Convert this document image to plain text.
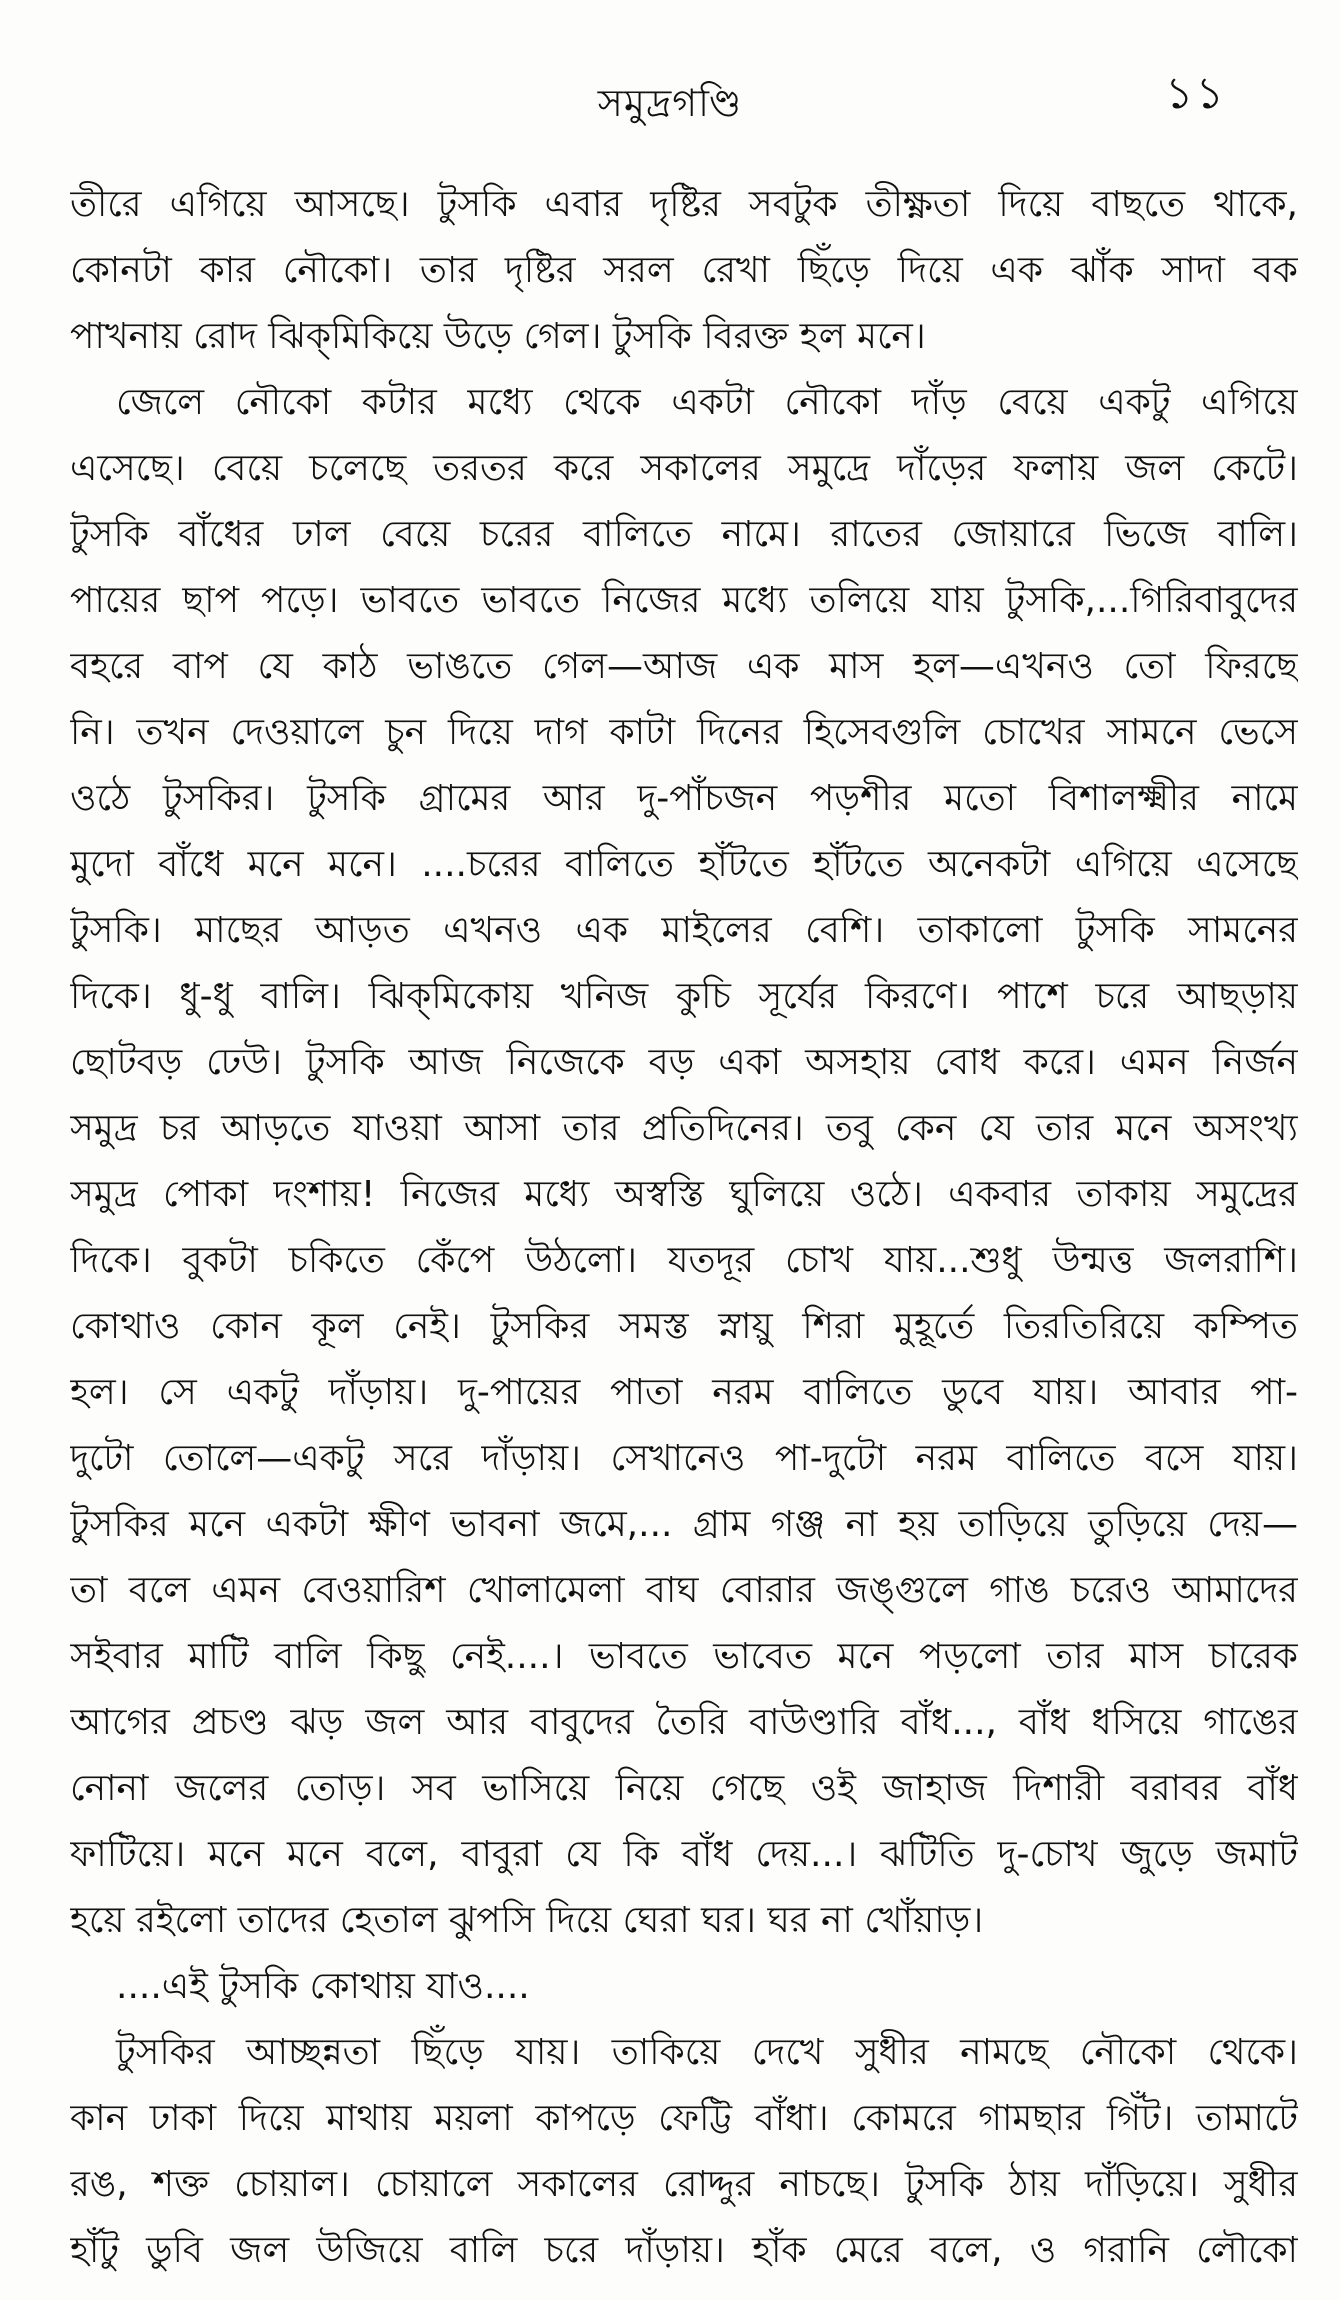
সমুদ্রগণ্ডি	১১
তীরে এগিয়ে আসছে। টুসকি এবার দৃষ্টির সবটুক তীক্ষ্ণতা দিয়ে বাছতে থাকে,
কোনটা কার নৌকো। তার দৃষ্টির সরল রেখা ছিঁড়ে দিয়ে এক ঝাঁক সাদা বক
পাখনায় রোদ ঝিক্‌মিকিয়ে উড়ে গেল। টুসকি বিরক্ত হল মনে।
জেলে নৌকো কটার মধ্যে থেকে একটা নৌকো দাঁড় বেয়ে একটু এগিয়ে
এসেছে। বেয়ে চলেছে তরতর করে সকালের সমুদ্রে দাঁড়ের ফলায় জল কেটে।
টুসকি বাঁধের ঢাল বেয়ে চরের বালিতে নামে। রাতের জোয়ারে ভিজে বালি।
পায়ের ছাপ পড়ে। ভাবতে ভাবতে নিজের মধ্যে তলিয়ে যায় টুসকি,...গিরিবাবুদের
বহরে বাপ যে কাঠ ভাঙতে গেল—আজ এক মাস হল—এখনও তো ফিরছে
নি। তখন দেওয়ালে চুন দিয়ে দাগ কাটা দিনের হিসেবগুলি চোখের সামনে ভেসে
ওঠে টুসকির। টুসকি গ্রামের আর দু-পাঁচজন পড়শীর মতো বিশালক্ষ্মীর নামে
মুদো বাঁধে মনে মনে। ....চরের বালিতে হাঁটতে হাঁটতে অনেকটা এগিয়ে এসেছে
টুসকি। মাছের আড়ত এখনও এক মাইলের বেশি। তাকালো টুসকি সামনের
দিকে। ধু-ধু বালি। ঝিক্‌মিকোয় খনিজ কুচি সূর্যের কিরণে। পাশে চরে আছড়ায়
ছোটবড় ঢেউ। টুসকি আজ নিজেকে বড় একা অসহায় বোধ করে। এমন নির্জন
সমুদ্র চর আড়তে যাওয়া আসা তার প্রতিদিনের। তবু কেন যে তার মনে অসংখ্য
সমুদ্র পোকা দংশায়! নিজের মধ্যে অস্বস্তি ঘুলিয়ে ওঠে। একবার তাকায় সমুদ্রের
দিকে। বুকটা চকিতে কেঁপে উঠলো। যতদূর চোখ যায়...শুধু উন্মত্ত জলরাশি।
কোথাও কোন কূল নেই। টুসকির সমস্ত স্নায়ু শিরা মুহূর্তে তিরতিরিয়ে কম্পিত
হল। সে একটু দাঁড়ায়। দু-পায়ের পাতা নরম বালিতে ডুবে যায়। আবার পা-
দুটো তোলে—একটু সরে দাঁড়ায়। সেখানেও পা-দুটো নরম বালিতে বসে যায়।
টুসকির মনে একটা ক্ষীণ ভাবনা জমে,... গ্রাম গঞ্জ না হয় তাড়িয়ে তুড়িয়ে দেয়—
তা বলে এমন বেওয়ারিশ খোলামেলা বাঘ বোরার জঙ্গুলে গাঙ চরেও আমাদের
সইবার মাটি বালি কিছু নেই....। ভাবতে ভাবেত মনে পড়লো তার মাস চারেক
আগের প্রচণ্ড ঝড় জল আর বাবুদের তৈরি বাউণ্ডারি বাঁধ..., বাঁধ ধসিয়ে গাঙের
নোনা জলের তোড়। সব ভাসিয়ে নিয়ে গেছে ওই জাহাজ দিশারী বরাবর বাঁধ
ফাটিয়ে। মনে মনে বলে, বাবুরা যে কি বাঁধ দেয়...। ঝটিতি দু-চোখ জুড়ে জমাট
হয়ে রইলো তাদের হেতাল ঝুপসি দিয়ে ঘেরা ঘর। ঘর না খোঁয়াড়।
....এই টুসকি কোথায় যাও....
টুসকির আচ্ছন্নতা ছিঁড়ে যায়। তাকিয়ে দেখে সুধীর নামছে নৌকো থেকে।
কান ঢাকা দিয়ে মাথায় ময়লা কাপড়ে ফেট্টি বাঁধা। কোমরে গামছার গিঁট। তামাটে
রঙ, শক্ত চোয়াল। চোয়ালে সকালের রোদ্দুর নাচছে। টুসকি ঠায় দাঁড়িয়ে। সুধীর
হাঁটু ডুবি জল উজিয়ে বালি চরে দাঁড়ায়। হাঁক মেরে বলে, ও গরানি লৌকো
